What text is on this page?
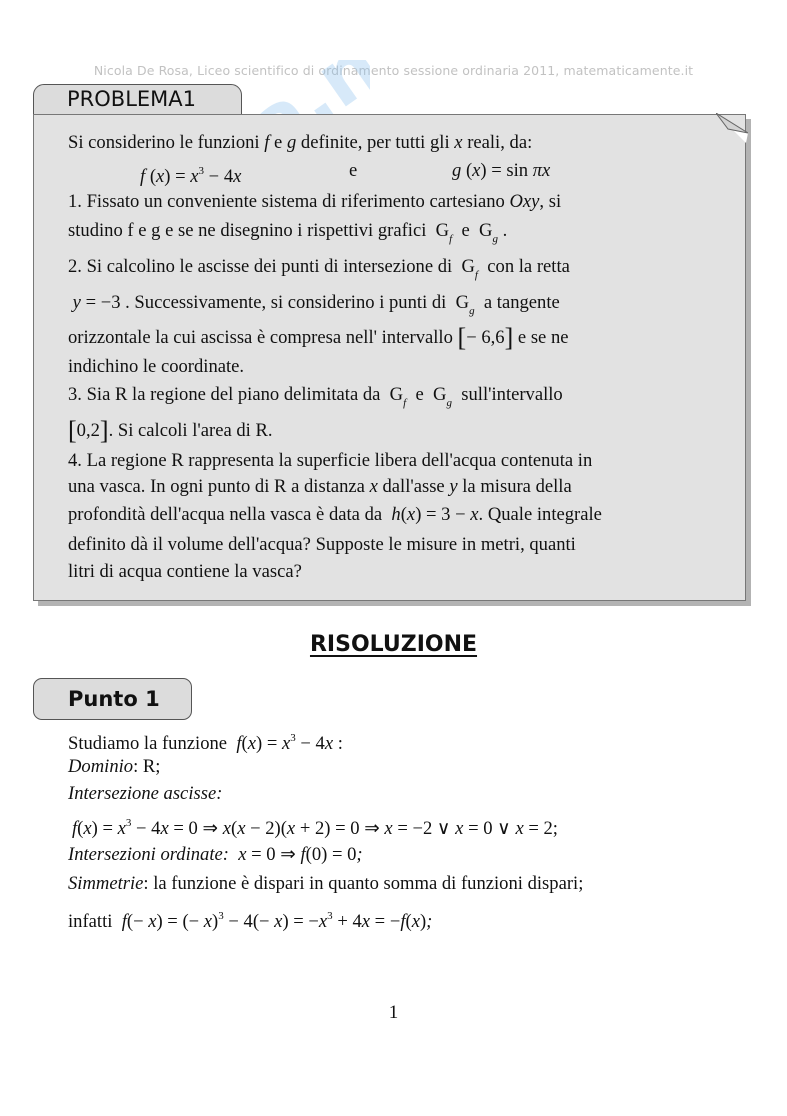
Nicola De Rosa, Liceo scientifico di ordinamento sessione ordinaria 2011, matematicamente.it
PROBLEMA1
Si considerino le funzioni f e g definite, per tutti gli x reali, da:
f $(x) = x^3 - 4x$	e	g (x) = sin πx
1. Fissato un conveniente sistema di riferimento cartesiano Oxy, si
studino f e g e se ne disegnino i rispettivi grafici  $G_f$  e  $G_g$ .
2. Si calcolino le ascisse dei punti di intersezione di  $G_f$  con la retta
y = −3 . Successivamente, si considerino i punti di  $G_g$  a tangente
orizzontale la cui ascissa è compresa nell' intervallo [− 6,6] e se ne
indichino le coordinate.
3. Sia R la regione del piano delimitata da  $G_f$  e  $G_g$  sull'intervallo
[0,2]. Si calcoli l'area di R.
4. La regione R rappresenta la superficie libera dell'acqua contenuta in
una vasca. In ogni punto di R a distanza x dall'asse y la misura della
profondità dell'acqua nella vasca è data da  h(x) = 3 − x. Quale integrale
definito dà il volume dell'acqua? Supposte le misure in metri, quanti
litri di acqua contiene la vasca?
RISOLUZIONE
Punto 1
Studiamo la funzione  $f(x) = x^3 - 4x$ :
Dominio: R;
Intersezione ascisse:
$f(x) = x^3 - 4x = 0$ ⇒ x(x − 2)(x + 2) = 0 ⇒ x = −2 ∨ x = 0 ∨ x = 2;
Intersezioni ordinate: x = 0 ⇒ f(0) = 0;
Simmetrie: la funzione è dispari in quanto somma di funzioni dispari;
infatti  f(− x) = (− $x)^3 - 4(- x) = -x^3 + 4x = -f(x)$;
1
